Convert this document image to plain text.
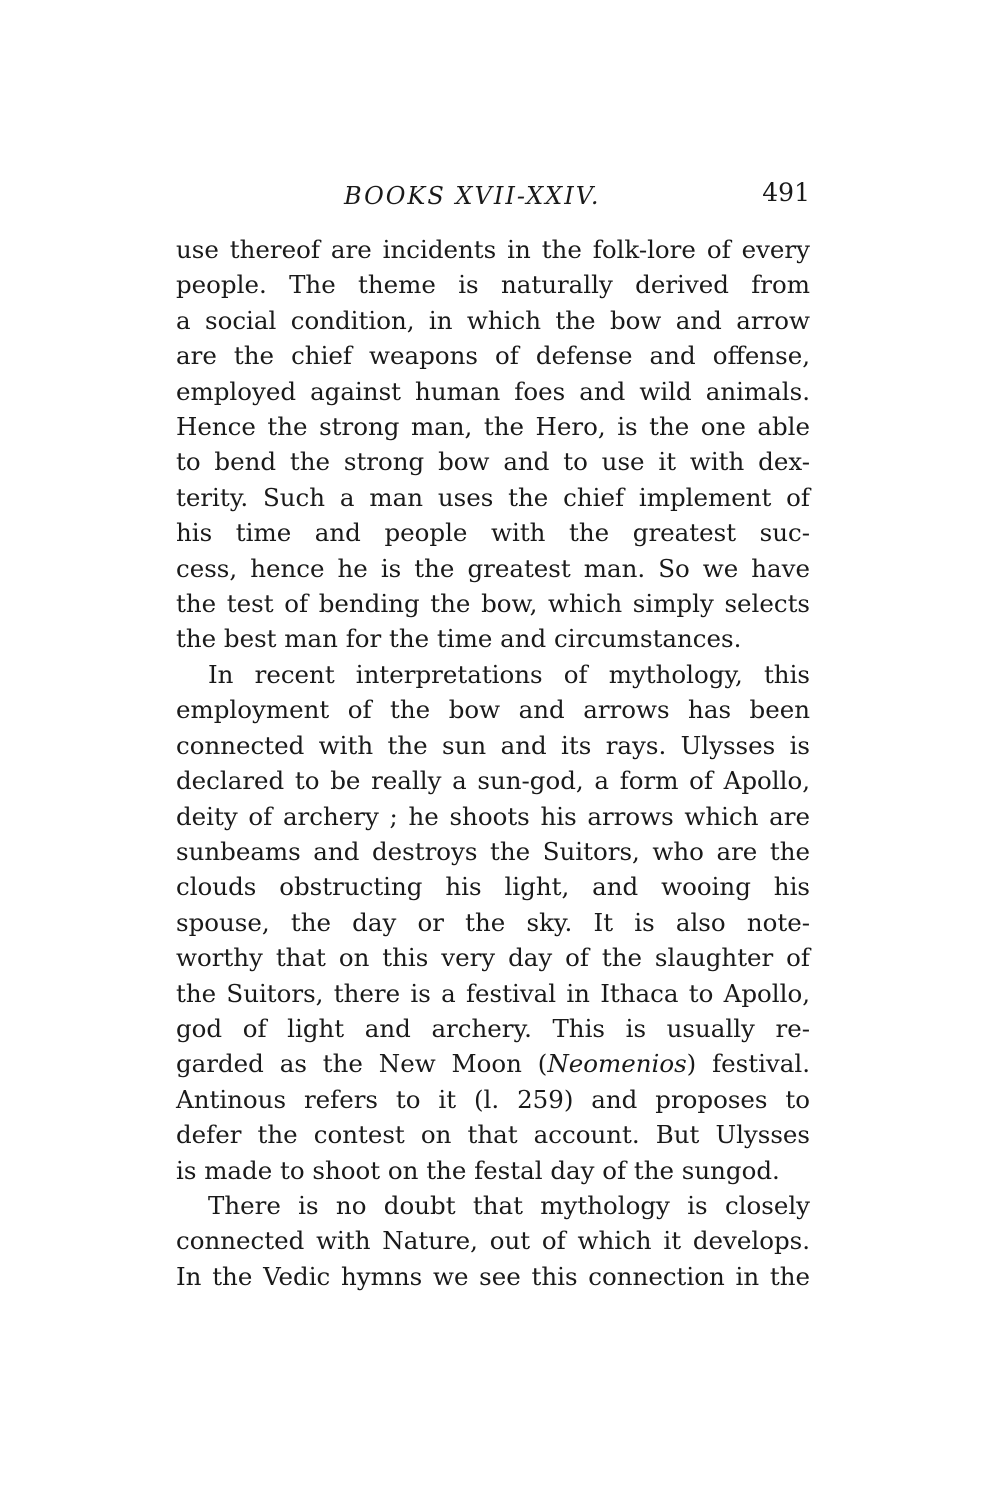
BOOKS XVII-XXIV.	491
use thereof are incidents in the folk-lore of every
people. The theme is naturally derived from
a social condition, in which the bow and arrow
are the chief weapons of defense and offense,
employed against human foes and wild animals.
Hence the strong man, the Hero, is the one able
to bend the strong bow and to use it with dex-
terity. Such a man uses the chief implement of
his time and people with the greatest suc-
cess, hence he is the greatest man. So we have
the test of bending the bow, which simply selects
the best man for the time and circumstances.
In recent interpretations of mythology, this
employment of the bow and arrows has been
connected with the sun and its rays. Ulysses is
declared to be really a sun-god, a form of Apollo,
deity of archery ; he shoots his arrows which are
sunbeams and destroys the Suitors, who are the
clouds obstructing his light, and wooing his
spouse, the day or the sky. It is also note-
worthy that on this very day of the slaughter of
the Suitors, there is a festival in Ithaca to Apollo,
god of light and archery. This is usually re-
garded as the New Moon (Neomenios) festival.
Antinous refers to it (l. 259) and proposes to
defer the contest on that account. But Ulysses
is made to shoot on the festal day of the sungod.
There is no doubt that mythology is closely
connected with Nature, out of which it develops.
In the Vedic hymns we see this connection in the
